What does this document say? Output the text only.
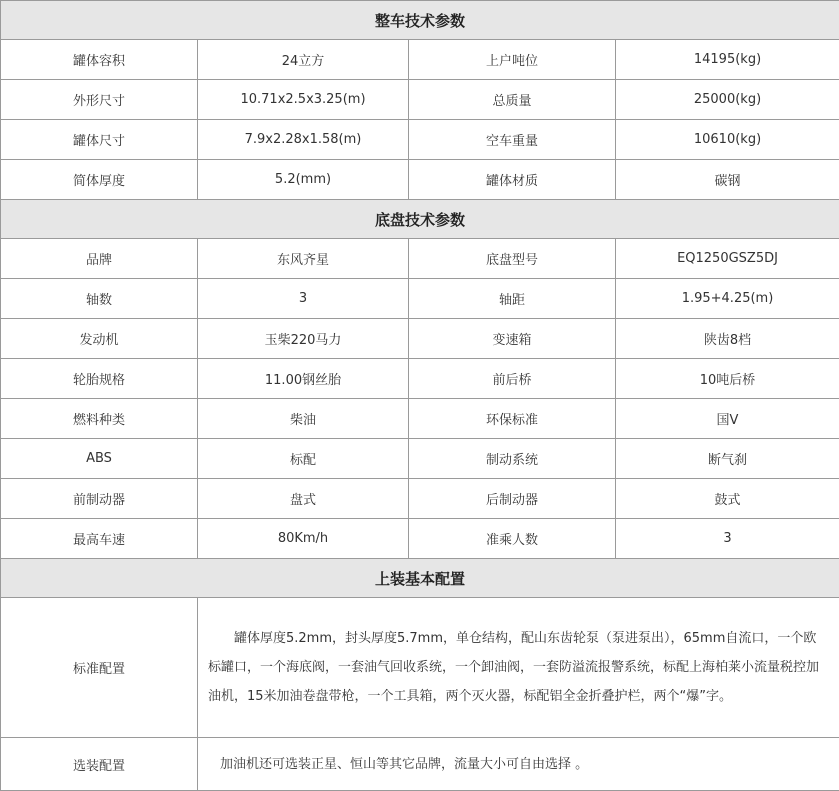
整车技术参数			
罐体容积	24立方	上户吨位	14195(kg)
外形尺寸	10.71x2.5x3.25(m)	总质量	25000(kg)
罐体尺寸	7.9x2.28x1.58(m)	空车重量	10610(kg)
简体厚度	5.2(mm)	罐体材质	碳钢
底盘技术参数			
品牌	东风齐星	底盘型号	EQ1250GSZ5DJ
轴数	3	轴距	1.95+4.25(m)
发动机	玉柴220马力	变速箱	陕齿8档
轮胎规格	11.00钢丝胎	前后桥	10吨后桥
燃料种类	柴油	环保标准	国V
ABS	标配	制动系统	断气刹
前制动器	盘式	后制动器	鼓式
最高车速	80Km/h	准乘人数	3
上装基本配置			
标准配置	罐体厚度5.2mm，封头厚度5.7mm，单仓结构，配山东齿轮泵（泵进泵出），65mm自流口，一个欧标罐口，一个海底阀，一套油气回收系统，一个卸油阀，一套防溢流报警系统，标配上海柏莱小流量税控加油机，15米加油卷盘带枪，一个工具箱，两个灭火器，标配铝全金折叠护栏，两个“爆”字。		
选装配置	加油机还可选装正星、恒山等其它品牌，流量大小可自由选择 。		
